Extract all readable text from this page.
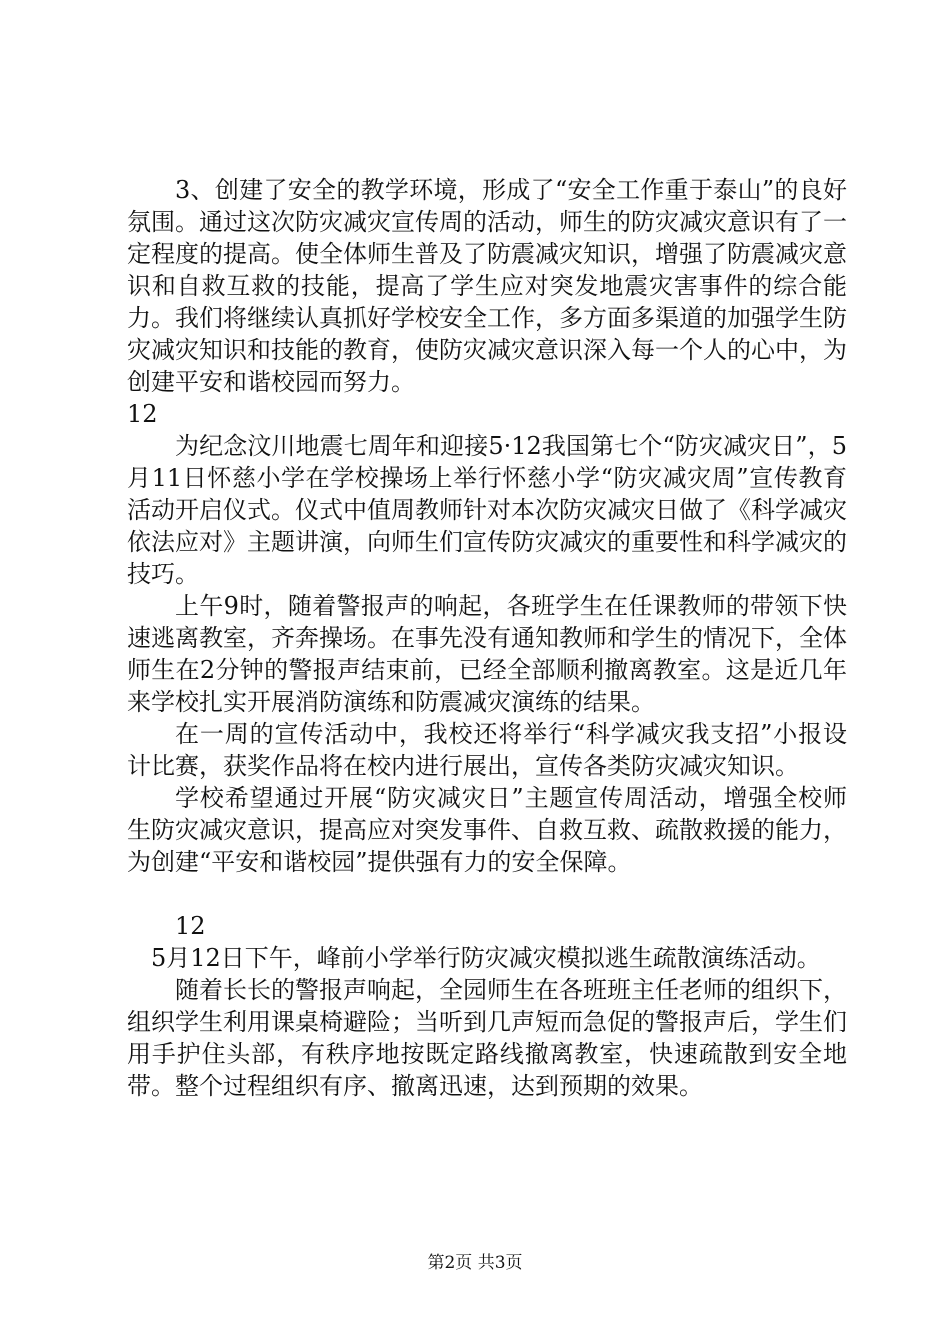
3、创建了安全的教学环境，形成了“安全工作重于泰山”的良好氛围。通过这次防灾减灾宣传周的活动，师生的防灾减灾意识有了一定程度的提高。使全体师生普及了防震减灾知识，增强了防震减灾意识和自救互救的技能，提高了学生应对突发地震灾害事件的综合能力。我们将继续认真抓好学校安全工作，多方面多渠道的加强学生防灾减灾知识和技能的教育，使防灾减灾意识深入每一个人的心中，为创建平安和谐校园而努力。

12

为纪念汶川地震七周年和迎接5·12我国第七个“防灾减灾日”，5月11日怀慈小学在学校操场上举行怀慈小学“防灾减灾周”宣传教育活动开启仪式。仪式中值周教师针对本次防灾减灾日做了《科学减灾依法应对》主题讲演，向师生们宣传防灾减灾的重要性和科学减灾的技巧。

上午9时，随着警报声的响起，各班学生在任课教师的带领下快速逃离教室，齐奔操场。在事先没有通知教师和学生的情况下，全体师生在2分钟的警报声结束前，已经全部顺利撤离教室。这是近几年来学校扎实开展消防演练和防震减灾演练的结果。

在一周的宣传活动中，我校还将举行“科学减灾我支招”小报设计比赛，获奖作品将在校内进行展出，宣传各类防灾减灾知识。

学校希望通过开展“防灾减灾日”主题宣传周活动，增强全校师生防灾减灾意识，提高应对突发事件、自救互救、疏散救援的能力，为创建“平安和谐校园”提供强有力的安全保障。

12

5月12日下午，峰前小学举行防灾减灾模拟逃生疏散演练活动。

随着长长的警报声响起，全园师生在各班班主任老师的组织下，组织学生利用课桌椅避险；当听到几声短而急促的警报声后，学生们用手护住头部，有秩序地按既定路线撤离教室，快速疏散到安全地带。整个过程组织有序、撤离迅速，达到预期的效果。

第2页 共3页
